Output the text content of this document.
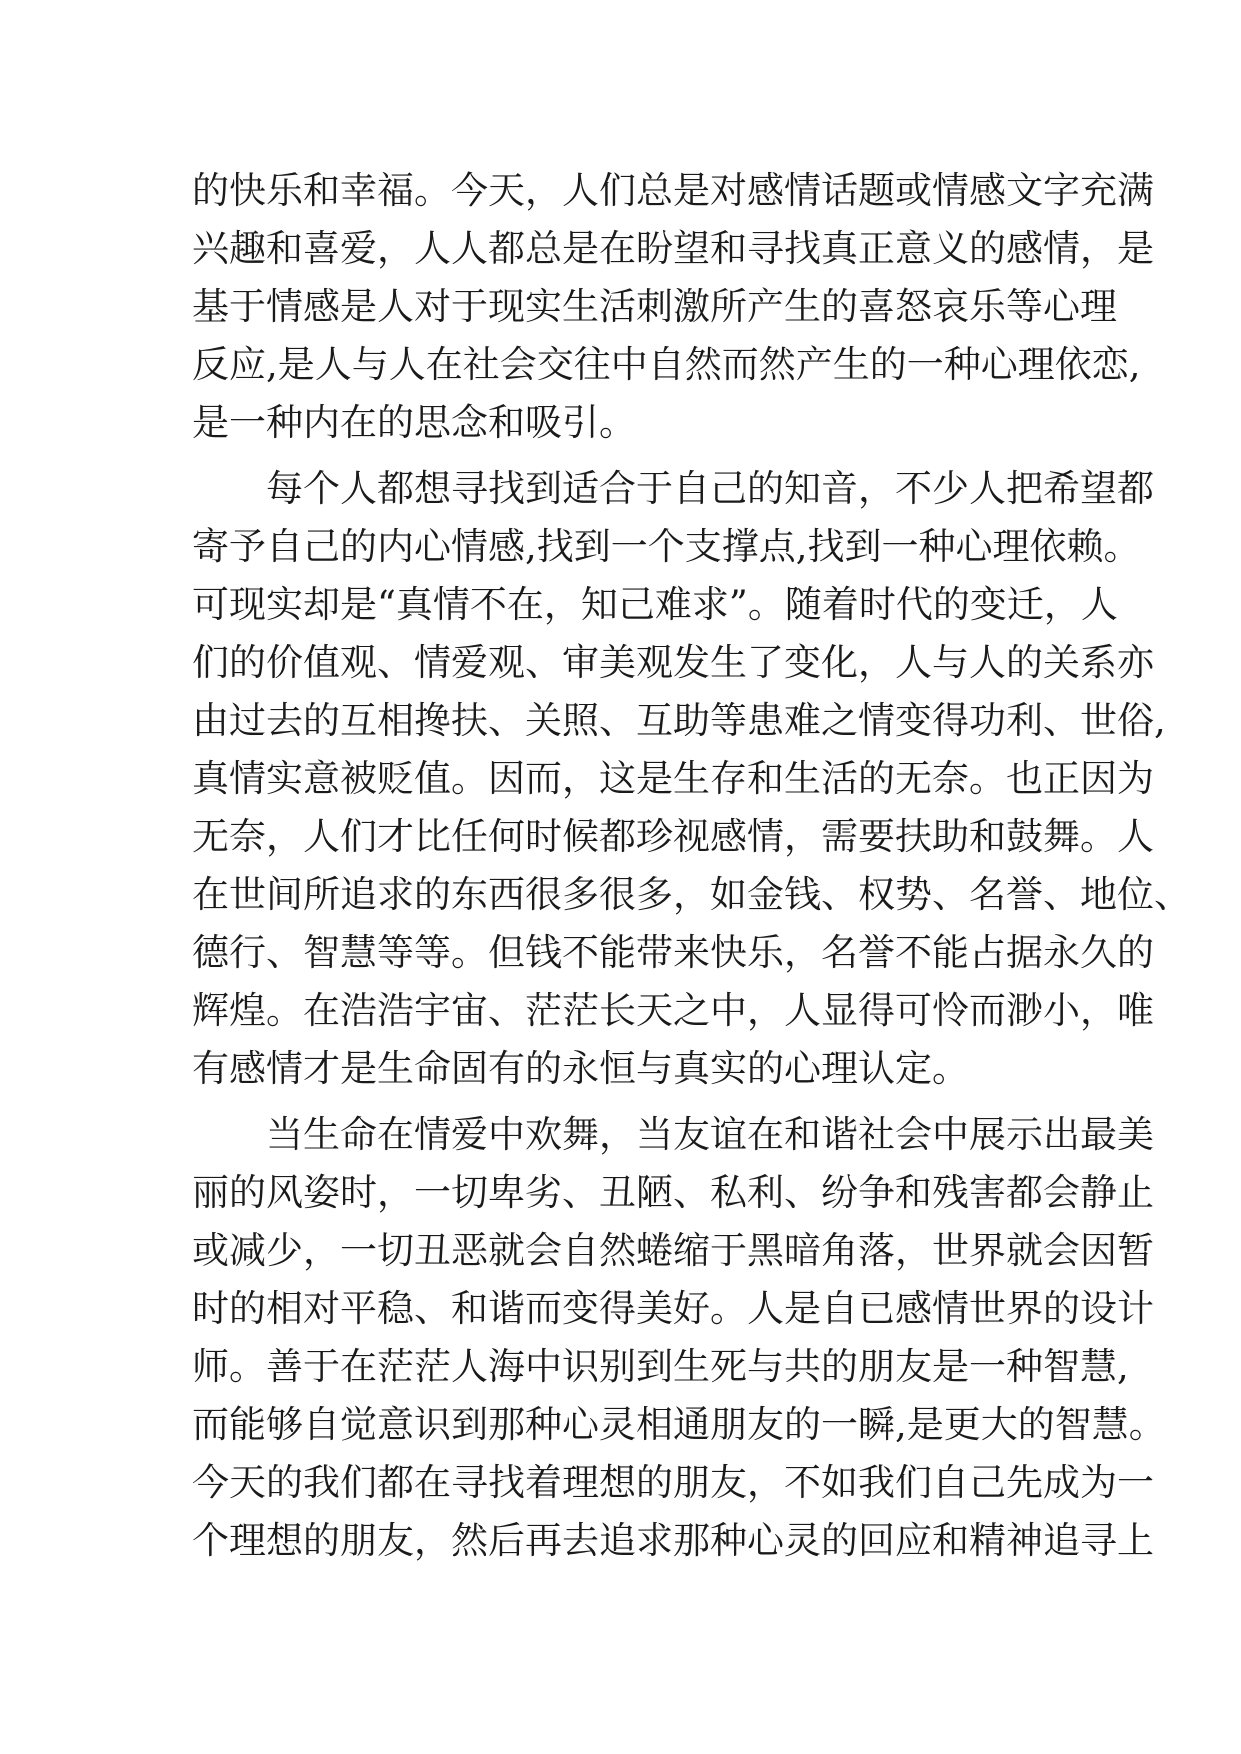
的快乐和幸福。今天，人们总是对感情话题或情感文字充满
兴趣和喜爱，人人都总是在盼望和寻找真正意义的感情，是
基于情感是人对于现实生活刺激所产生的喜怒哀乐等心理
反应,是人与人在社会交往中自然而然产生的一种心理依恋,
是一种内在的思念和吸引。
每个人都想寻找到适合于自己的知音，不少人把希望都
寄予自己的内心情感,找到一个支撑点,找到一种心理依赖。
可现实却是“真情不在，知己难求”。随着时代的变迁，人
们的价值观、情爱观、审美观发生了变化，人与人的关系亦
由过去的互相搀扶、关照、互助等患难之情变得功利、世俗,
真情实意被贬值。因而，这是生存和生活的无奈。也正因为
无奈，人们才比任何时候都珍视感情，需要扶助和鼓舞。人
在世间所追求的东西很多很多，如金钱、权势、名誉、地位、
德行、智慧等等。但钱不能带来快乐，名誉不能占据永久的
辉煌。在浩浩宇宙、茫茫长天之中，人显得可怜而渺小，唯
有感情才是生命固有的永恒与真实的心理认定。
当生命在情爱中欢舞，当友谊在和谐社会中展示出最美
丽的风姿时，一切卑劣、丑陋、私利、纷争和残害都会静止
或减少，一切丑恶就会自然蜷缩于黑暗角落，世界就会因暂
时的相对平稳、和谐而变得美好。人是自已感情世界的设计
师。善于在茫茫人海中识别到生死与共的朋友是一种智慧,
而能够自觉意识到那种心灵相通朋友的一瞬,是更大的智慧。
今天的我们都在寻找着理想的朋友，不如我们自己先成为一
个理想的朋友，然后再去追求那种心灵的回应和精神追寻上
